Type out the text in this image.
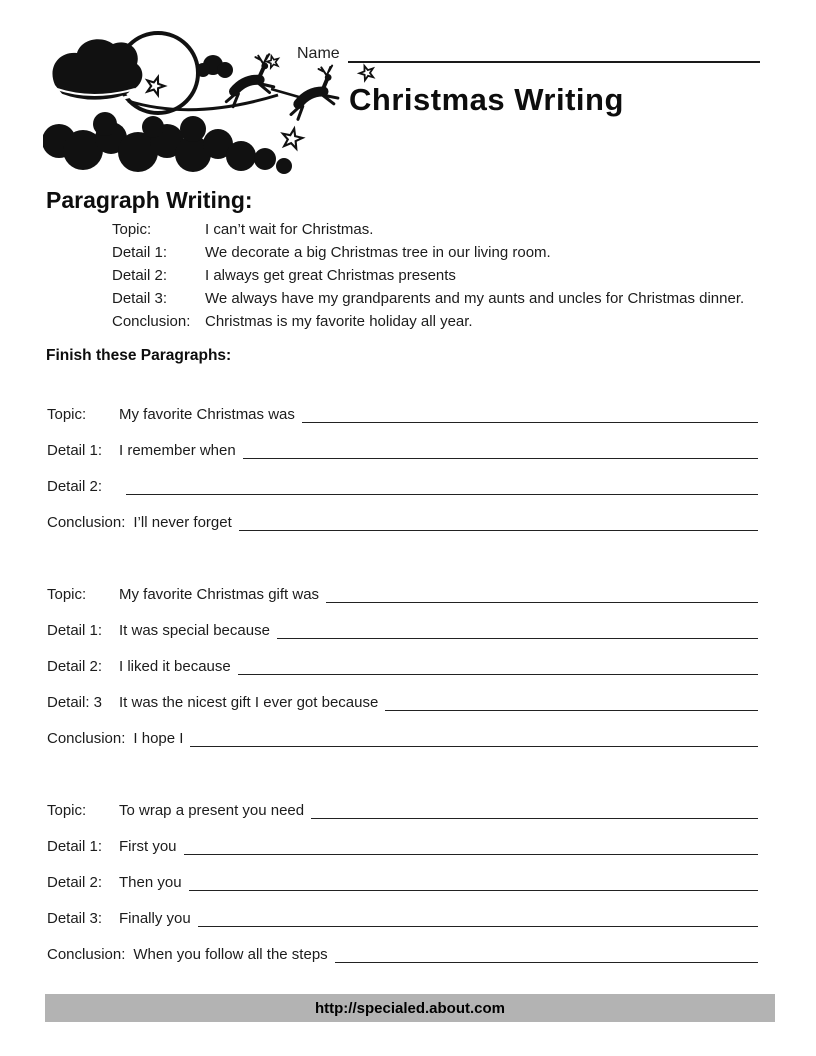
Name
Christmas Writing
Paragraph Writing:
Topic:	I can’t wait for Christmas.
Detail 1:	We decorate a big Christmas tree in our living room.
Detail 2:	I always get great Christmas presents
Detail 3:	We always have my grandparents and my aunts and uncles for Christmas dinner.
Conclusion: Christmas is my favorite holiday all year.
Finish these Paragraphs:
Topic:	My favorite Christmas was
Detail 1:	I remember when
Detail 2:
Conclusion: I’ll never forget
Topic:	My favorite Christmas gift was
Detail 1:	It was special because
Detail 2:	I liked it because
Detail: 3	It was the nicest gift I ever got because
Conclusion: I hope I
Topic:	To wrap a present you need
Detail 1:	First you
Detail 2:	Then you
Detail 3:	Finally you
Conclusion: When you follow all the steps
http://specialed.about.com
